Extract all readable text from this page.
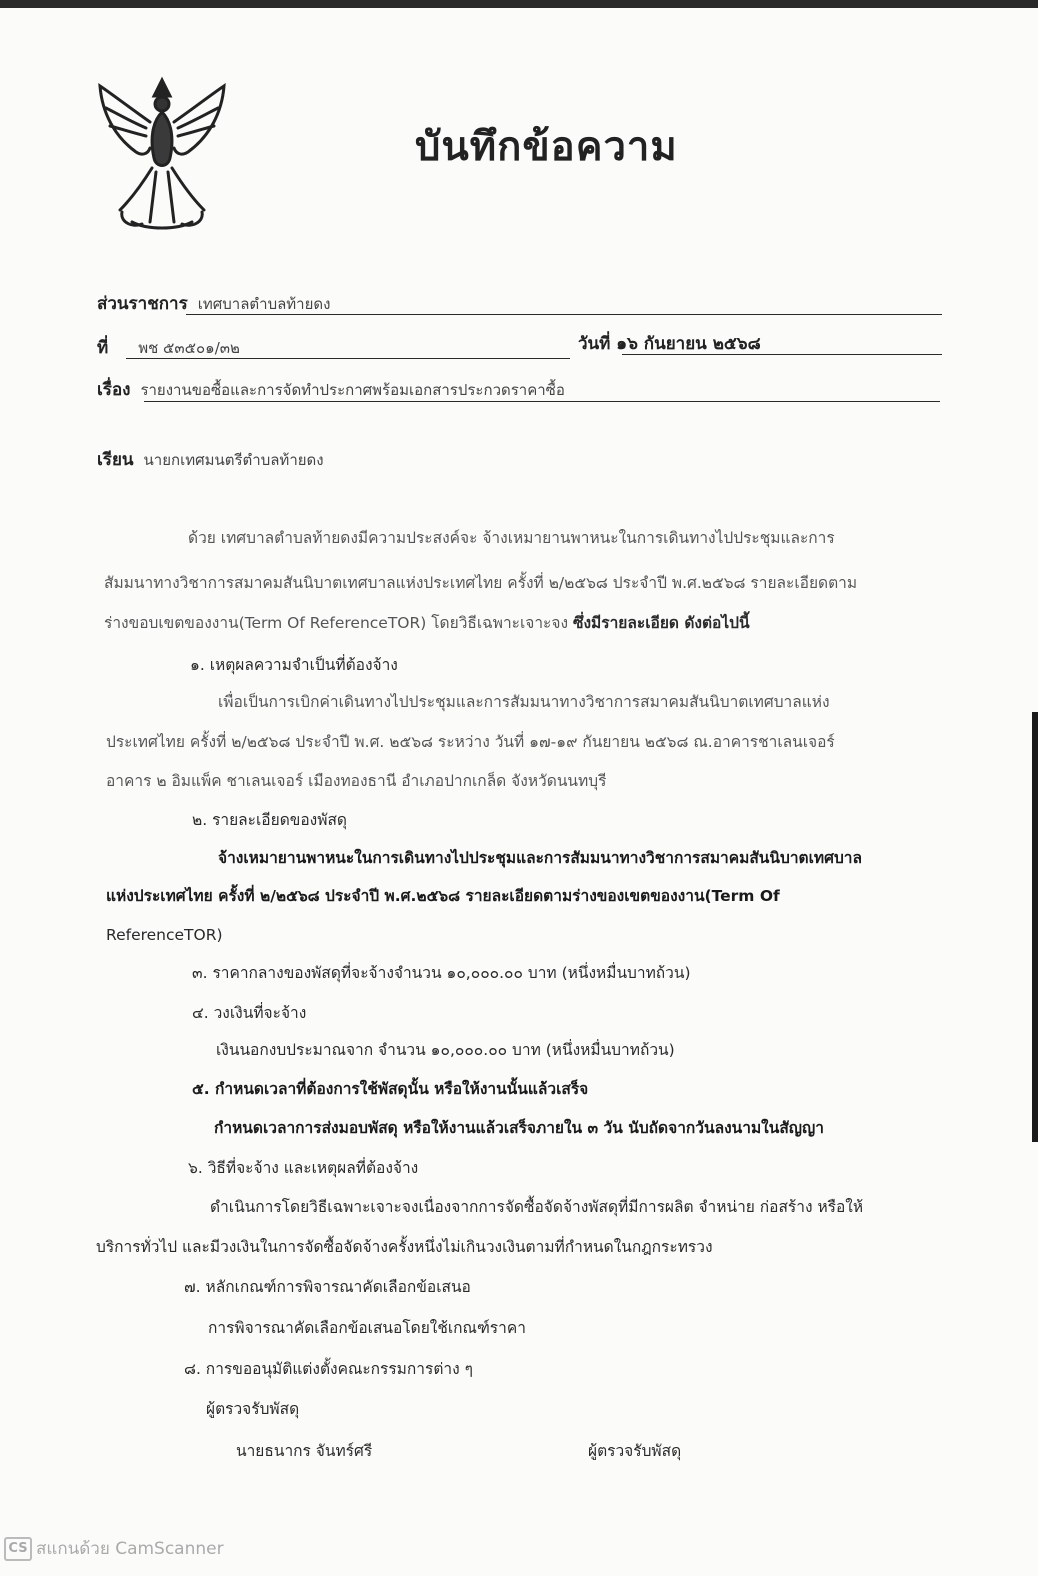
บันทึกข้อความ
ส่วนราชการ เทศบาลตำบลท้ายดง
ที่ พช ๕๓๕๐๑/๓๒	วันที่ ๑๖ กันยายน ๒๕๖๘
เรื่อง รายงานขอซื้อและการจัดทำประกาศพร้อมเอกสารประกวดราคาซื้อ
เรียน นายกเทศมนตรีตำบลท้ายดง
ด้วย เทศบาลตำบลท้ายดงมีความประสงค์จะ จ้างเหมายานพาหนะในการเดินทางไปประชุมและการ
สัมมนาทางวิชาการสมาคมสันนิบาตเทศบาลแห่งประเทศไทย ครั้งที่ ๒/๒๕๖๘ ประจำปี พ.ศ.๒๕๖๘ รายละเอียดตาม
ร่างขอบเขตของงาน(Term Of ReferenceTOR) โดยวิธีเฉพาะเจาะจง ซึ่งมีรายละเอียด ดังต่อไปนี้
๑. เหตุผลความจำเป็นที่ต้องจ้าง
เพื่อเป็นการเบิกค่าเดินทางไปประชุมและการสัมมนาทางวิชาการสมาคมสันนิบาตเทศบาลแห่ง
ประเทศไทย ครั้งที่ ๒/๒๕๖๘ ประจำปี พ.ศ. ๒๕๖๘ ระหว่าง วันที่ ๑๗-๑๙ กันยายน ๒๕๖๘ ณ.อาคารชาเลนเจอร์
อาคาร ๒ อิมแพ็ค ชาเลนเจอร์ เมืองทองธานี อำเภอปากเกล็ด จังหวัดนนทบุรี
๒. รายละเอียดของพัสดุ
จ้างเหมายานพาหนะในการเดินทางไปประชุมและการสัมมนาทางวิชาการสมาคมสันนิบาตเทศบาล
แห่งประเทศไทย ครั้งที่ ๒/๒๕๖๘ ประจำปี พ.ศ.๒๕๖๘ รายละเอียดตามร่างของเขตของงาน(Term Of
ReferenceTOR)
๓. ราคากลางของพัสดุที่จะจ้างจำนวน ๑๐,๐๐๐.๐๐ บาท (หนึ่งหมื่นบาทถ้วน)
๔. วงเงินที่จะจ้าง
เงินนอกงบประมาณจาก จำนวน ๑๐,๐๐๐.๐๐ บาท (หนึ่งหมื่นบาทถ้วน)
๕. กำหนดเวลาที่ต้องการใช้พัสดุนั้น หรือให้งานนั้นแล้วเสร็จ
กำหนดเวลาการส่งมอบพัสดุ หรือให้งานแล้วเสร็จภายใน ๓ วัน นับถัดจากวันลงนามในสัญญา
๖. วิธีที่จะจ้าง และเหตุผลที่ต้องจ้าง
ดำเนินการโดยวิธีเฉพาะเจาะจงเนื่องจากการจัดซื้อจัดจ้างพัสดุที่มีการผลิต จำหน่าย ก่อสร้าง หรือให้
บริการทั่วไป และมีวงเงินในการจัดซื้อจัดจ้างครั้งหนึ่งไม่เกินวงเงินตามที่กำหนดในกฎกระทรวง
๗. หลักเกณฑ์การพิจารณาคัดเลือกข้อเสนอ
การพิจารณาคัดเลือกข้อเสนอโดยใช้เกณฑ์ราคา
๘. การขออนุมัติแต่งตั้งคณะกรรมการต่าง ๆ
ผู้ตรวจรับพัสดุ
นายธนากร จันทร์ศรี	ผู้ตรวจรับพัสดุ
CS สแกนด้วย CamScanner
